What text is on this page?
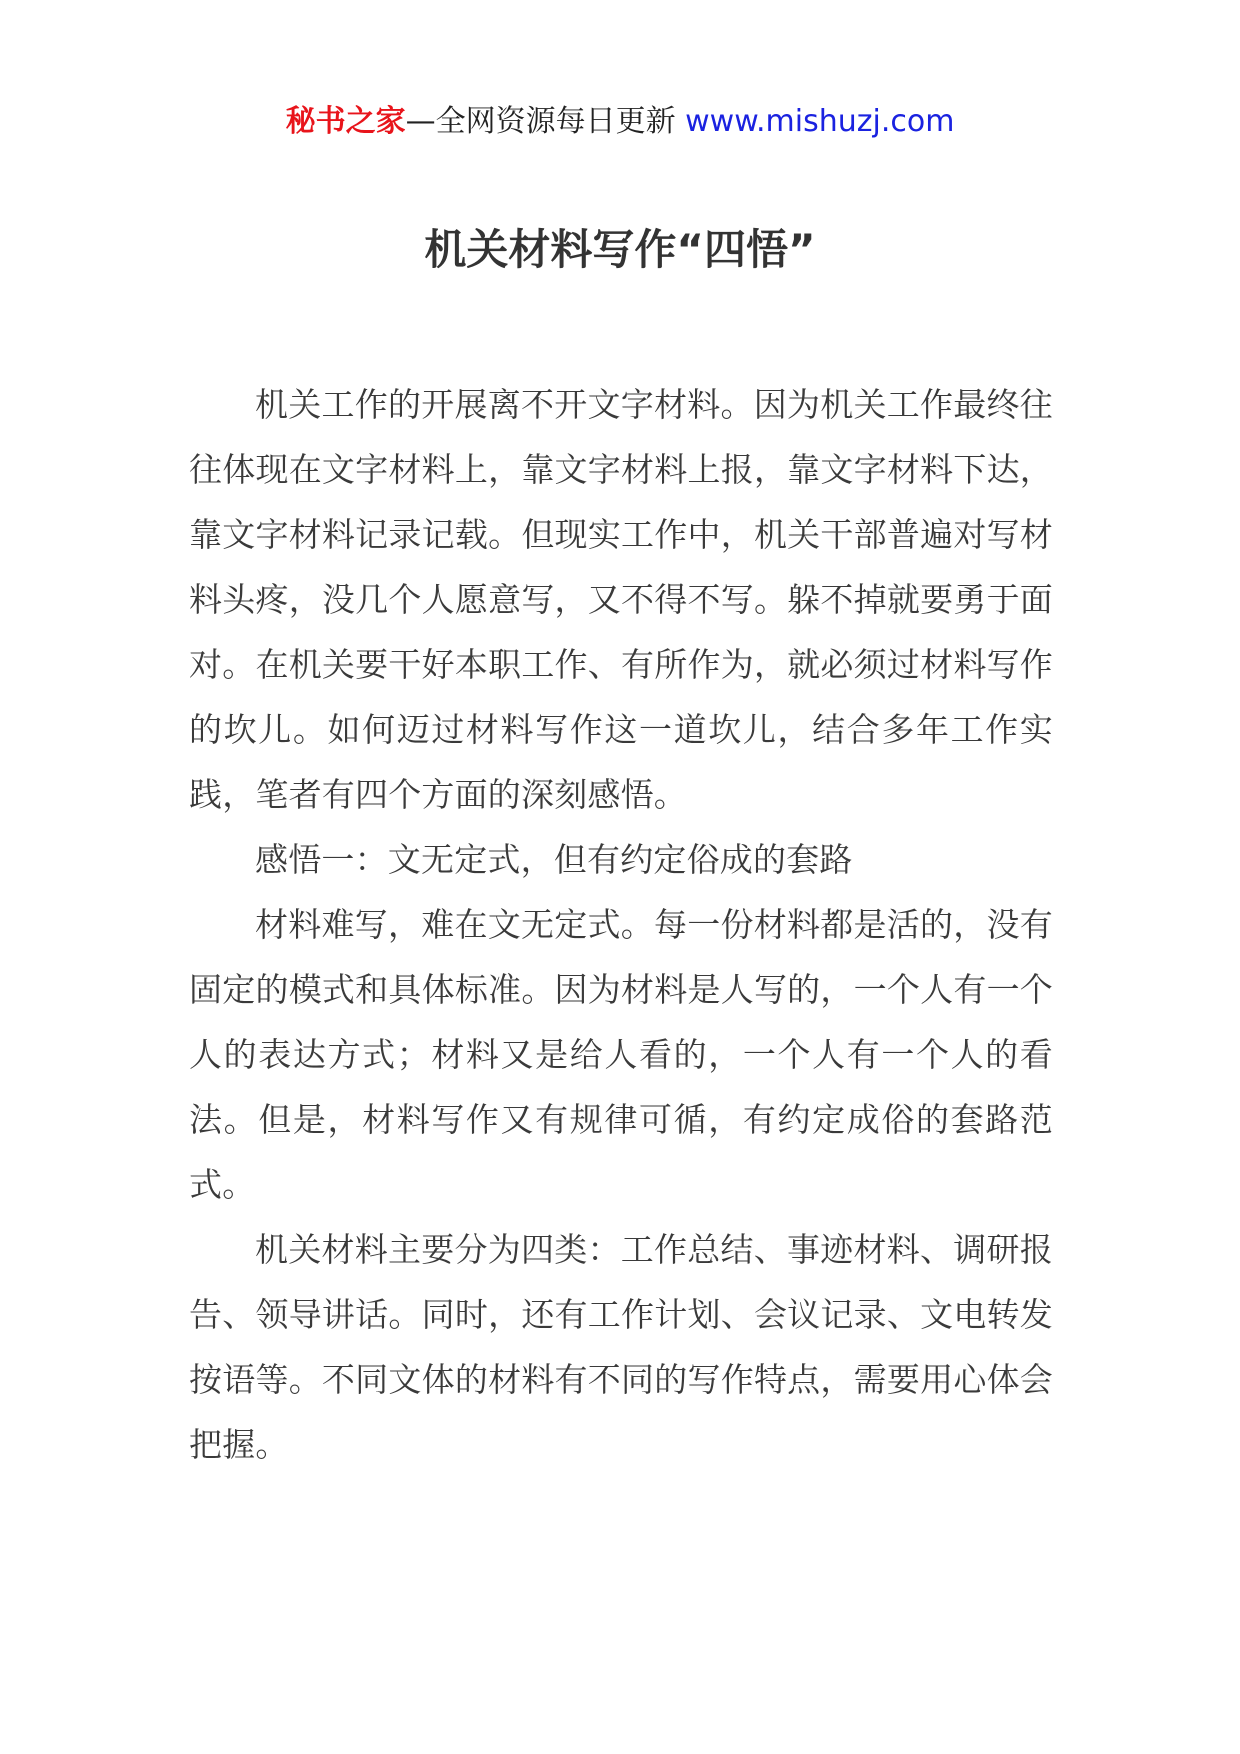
秘书之家—全网资源每日更新 www.mishuzj.com
机关材料写作“四悟”

机关工作的开展离不开文字材料。因为机关工作最终往往体现在文字材料上，靠文字材料上报，靠文字材料下达，靠文字材料记录记载。但现实工作中，机关干部普遍对写材料头疼，没几个人愿意写，又不得不写。躲不掉就要勇于面对。在机关要干好本职工作、有所作为，就必须过材料写作的坎儿。如何迈过材料写作这一道坎儿，结合多年工作实践，笔者有四个方面的深刻感悟。

感悟一：文无定式，但有约定俗成的套路

材料难写，难在文无定式。每一份材料都是活的，没有固定的模式和具体标准。因为材料是人写的，一个人有一个人的表达方式；材料又是给人看的，一个人有一个人的看法。但是，材料写作又有规律可循，有约定成俗的套路范式。

机关材料主要分为四类：工作总结、事迹材料、调研报告、领导讲话。同时，还有工作计划、会议记录、文电转发按语等。不同文体的材料有不同的写作特点，需要用心体会把握。
